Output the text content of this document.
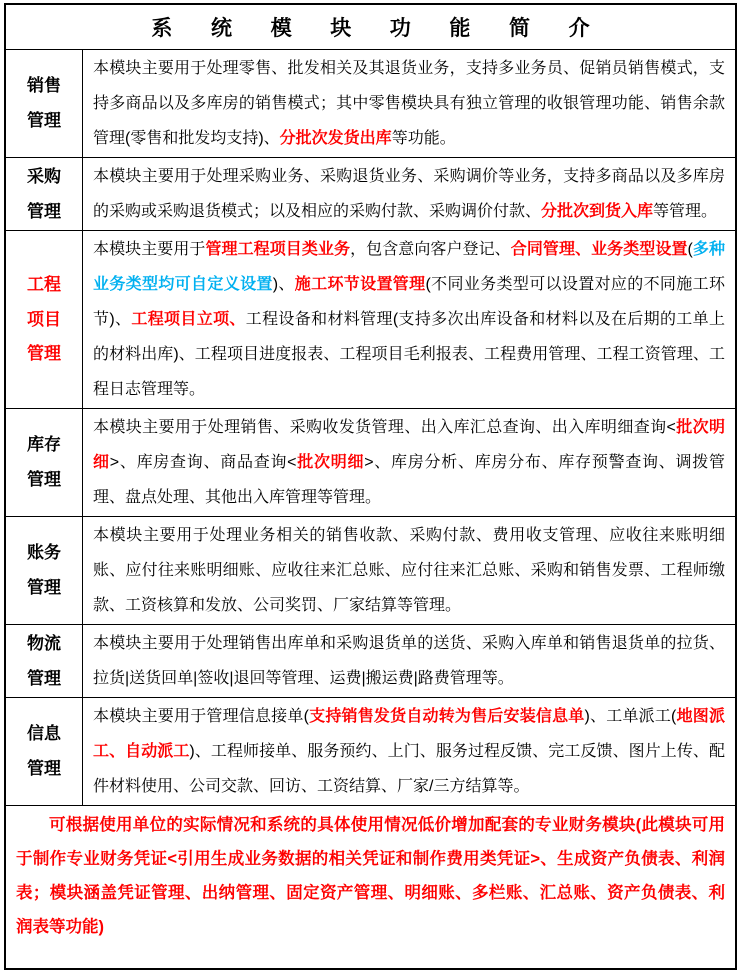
系 统 模 块 功 能 简 介
销售
管理
本模块主要用于处理零售、批发相关及其退货业务，支持多业务员、促销员销售模式，支持多商品以及多库房的销售模式；其中零售模块具有独立管理的收银管理功能、销售余款管理(零售和批发均支持)、分批次发货出库等功能。
采购
管理
本模块主要用于处理采购业务、采购退货业务、采购调价等业务，支持多商品以及多库房的采购或采购退货模式；以及相应的采购付款、采购调价付款、分批次到货入库等管理。
工程
项目
管理
本模块主要用于管理工程项目类业务，包含意向客户登记、合同管理、业务类型设置(多种业务类型均可自定义设置)、施工环节设置管理(不同业务类型可以设置对应的不同施工环节)、工程项目立项、工程设备和材料管理(支持多次出库设备和材料以及在后期的工单上的材料出库)、工程项目进度报表、工程项目毛利报表、工程费用管理、工程工资管理、工程日志管理等。
库存
管理
本模块主要用于处理销售、采购收发货管理、出入库汇总查询、出入库明细查询<批次明细>、库房查询、商品查询<批次明细>、库房分析、库房分布、库存预警查询、调拨管理、盘点处理、其他出入库管理等管理。
账务
管理
本模块主要用于处理业务相关的销售收款、采购付款、费用收支管理、应收往来账明细账、应付往来账明细账、应收往来汇总账、应付往来汇总账、采购和销售发票、工程师缴款、工资核算和发放、公司奖罚、厂家结算等管理。
物流
管理
本模块主要用于处理销售出库单和采购退货单的送货、采购入库单和销售退货单的拉货、拉货|送货回单|签收|退回等管理、运费|搬运费|路费管理等。
信息
管理
本模块主要用于管理信息接单(支持销售发货自动转为售后安装信息单)、工单派工(地图派工、自动派工)、工程师接单、服务预约、上门、服务过程反馈、完工反馈、图片上传、配件材料使用、公司交款、回访、工资结算、厂家/三方结算等。
可根据使用单位的实际情况和系统的具体使用情况低价增加配套的专业财务模块(此模块可用于制作专业财务凭证<引用生成业务数据的相关凭证和制作费用类凭证>、生成资产负债表、利润表；模块涵盖凭证管理、出纳管理、固定资产管理、明细账、多栏账、汇总账、资产负债表、利润表等功能)
